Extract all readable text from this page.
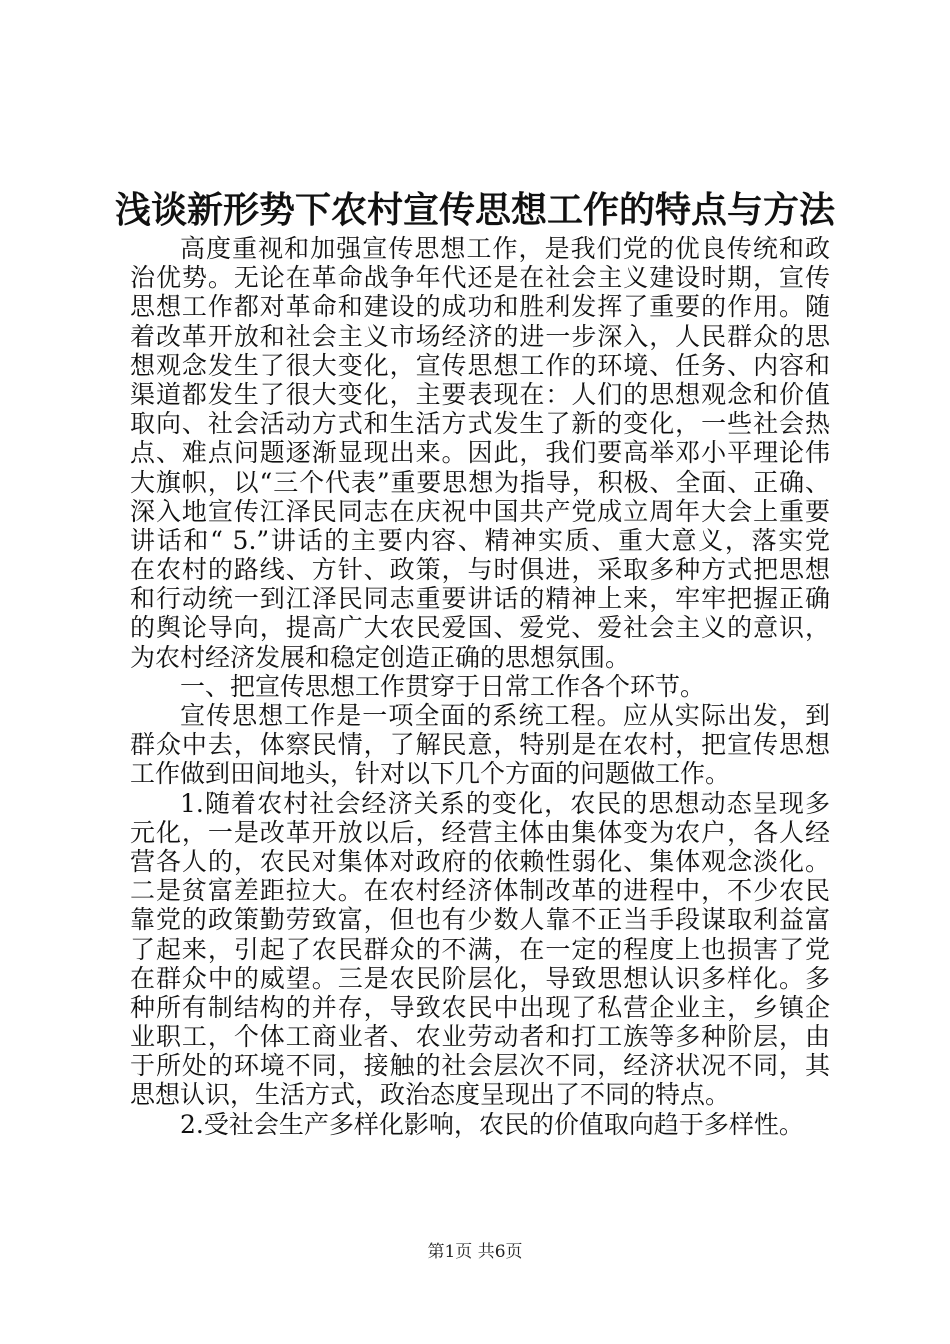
浅谈新形势下农村宣传思想工作的特点与方法
高度重视和加强宣传思想工作，是我们党的优良传统和政
治优势。无论在革命战争年代还是在社会主义建设时期，宣传
思想工作都对革命和建设的成功和胜利发挥了重要的作用。随
着改革开放和社会主义市场经济的进一步深入，人民群众的思
想观念发生了很大变化，宣传思想工作的环境、任务、内容和
渠道都发生了很大变化，主要表现在：人们的思想观念和价值
取向、社会活动方式和生活方式发生了新的变化，一些社会热
点、难点问题逐渐显现出来。因此，我们要高举邓小平理论伟
大旗帜，以“三个代表”重要思想为指导，积极、全面、正确、
深入地宣传江泽民同志在庆祝中国共产党成立周年大会上重要
讲话和“ 5.”讲话的主要内容、精神实质、重大意义，落实党
在农村的路线、方针、政策，与时俱进，采取多种方式把思想
和行动统一到江泽民同志重要讲话的精神上来，牢牢把握正确
的舆论导向，提高广大农民爱国、爱党、爱社会主义的意识，
为农村经济发展和稳定创造正确的思想氛围。
一、把宣传思想工作贯穿于日常工作各个环节。
宣传思想工作是一项全面的系统工程。应从实际出发，到
群众中去，体察民情，了解民意，特别是在农村，把宣传思想
工作做到田间地头，针对以下几个方面的问题做工作。
1.随着农村社会经济关系的变化，农民的思想动态呈现多
元化，一是改革开放以后，经营主体由集体变为农户，各人经
营各人的，农民对集体对政府的依赖性弱化、集体观念淡化。
二是贫富差距拉大。在农村经济体制改革的进程中，不少农民
靠党的政策勤劳致富，但也有少数人靠不正当手段谋取利益富
了起来，引起了农民群众的不满，在一定的程度上也损害了党
在群众中的威望。三是农民阶层化，导致思想认识多样化。多
种所有制结构的并存，导致农民中出现了私营企业主，乡镇企
业职工，个体工商业者、农业劳动者和打工族等多种阶层，由
于所处的环境不同，接触的社会层次不同，经济状况不同，其
思想认识，生活方式，政治态度呈现出了不同的特点。
2.受社会生产多样化影响，农民的价值取向趋于多样性。
第1页 共6页
